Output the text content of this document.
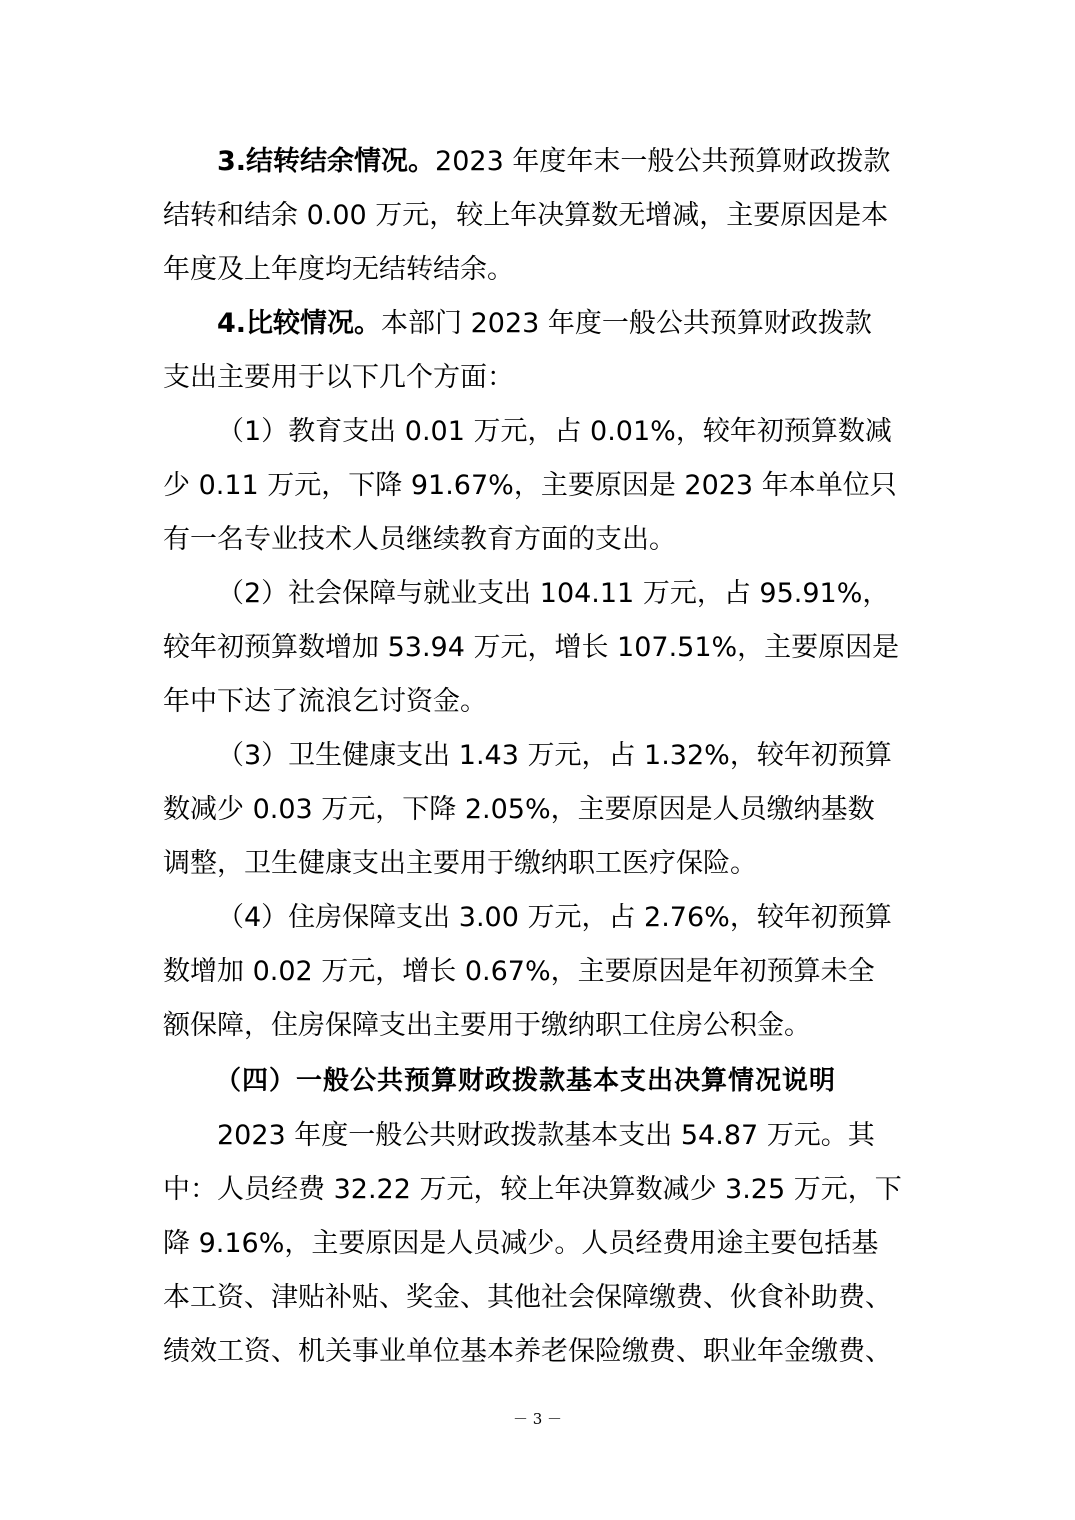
3.结转结余情况。2023 年度年末一般公共预算财政拨款
结转和结余 0.00 万元，较上年决算数无增减，主要原因是本
年度及上年度均无结转结余。

4.比较情况。本部门 2023 年度一般公共预算财政拨款
支出主要用于以下几个方面：

（1）教育支出 0.01 万元，占 0.01%，较年初预算数减
少 0.11 万元，下降 91.67%，主要原因是 2023 年本单位只
有一名专业技术人员继续教育方面的支出。

（2）社会保障与就业支出 104.11 万元，占 95.91%，
较年初预算数增加 53.94 万元，增长 107.51%，主要原因是
年中下达了流浪乞讨资金。

（3）卫生健康支出 1.43 万元，占 1.32%，较年初预算
数减少 0.03 万元，下降 2.05%，主要原因是人员缴纳基数
调整，卫生健康支出主要用于缴纳职工医疗保险。

（4）住房保障支出 3.00 万元，占 2.76%，较年初预算
数增加 0.02 万元，增长 0.67%，主要原因是年初预算未全
额保障，住房保障支出主要用于缴纳职工住房公积金。

（四）一般公共预算财政拨款基本支出决算情况说明

2023 年度一般公共财政拨款基本支出 54.87 万元。其
中：人员经费 32.22 万元，较上年决算数减少 3.25 万元，下
降 9.16%，主要原因是人员减少。人员经费用途主要包括基
本工资、津贴补贴、奖金、其他社会保障缴费、伙食补助费、
绩效工资、机关事业单位基本养老保险缴费、职业年金缴费、

－ 3 －
